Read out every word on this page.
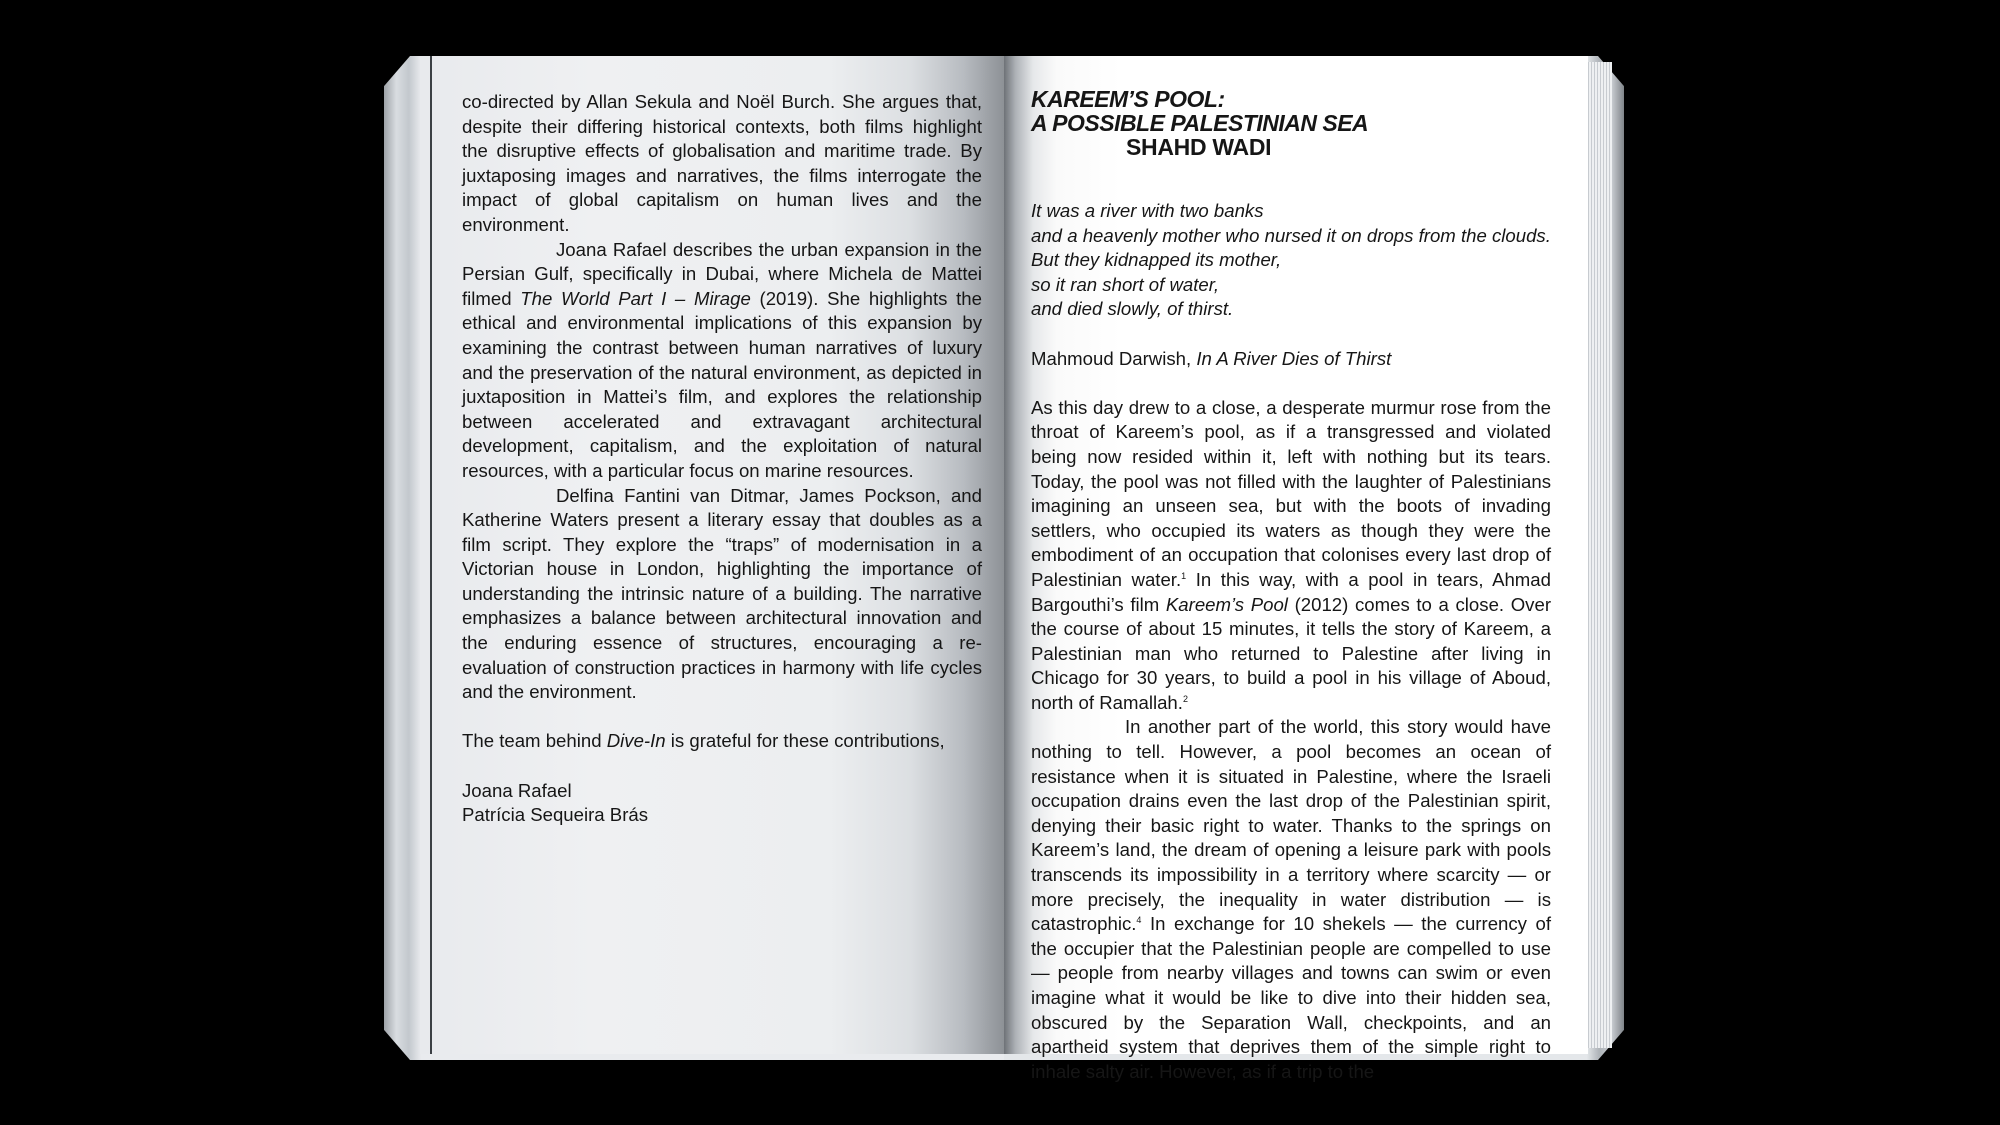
co-directed by Allan Sekula and Noël Burch. She argues that, despite their differing historical contexts, both films highlight the disruptive effects of globalisation and maritime trade. By juxtaposing images and narratives, the films interrogate the impact of global capitalism on human lives and the environment.

Joana Rafael describes the urban expansion in the Persian Gulf, specifically in Dubai, where Michela de Mattei filmed The World Part I – Mirage (2019). She highlights the ethical and environmental implications of this expansion by examining the contrast between human narratives of luxury and the preservation of the natural environment, as depicted in juxtaposition in Mattei’s film, and explores the relationship between accelerated and extravagant architectural development, capitalism, and the exploitation of natural resources, with a particular focus on marine resources.

Delfina Fantini van Ditmar, James Pockson, and Katherine Waters present a literary essay that doubles as a film script. They explore the “traps” of modernisation in a Victorian house in London, highlighting the importance of understanding the intrinsic nature of a building. The narrative emphasizes a balance between architectural innovation and the enduring essence of structures, encouraging a re-evaluation of construction practices in harmony with life cycles and the environment.

The team behind Dive-In is grateful for these contributions,

Joana Rafael

Patrícia Sequeira Brás

KAREEM’S POOL:
A POSSIBLE PALESTINIAN SEA
SHAHD WADI

It was a river with two banks

and a heavenly mother who nursed it on drops from the clouds.

But they kidnapped its mother,

so it ran short of water,

and died slowly, of thirst.

Mahmoud Darwish, In A River Dies of Thirst

As this day drew to a close, a desperate murmur rose from the throat of Kareem’s pool, as if a transgressed and violated being now resided within it, left with nothing but its tears. Today, the pool was not filled with the laughter of Palestinians imagining an unseen sea, but with the boots of invading settlers, who occupied its waters as though they were the embodiment of an occupation that colonises every last drop of Palestinian water.$^1$ In this way, with a pool in tears, Ahmad Bargouthi’s film Kareem’s Pool (2012) comes to a close. Over the course of about 15 minutes, it tells the story of Kareem, a Palestinian man who returned to Palestine after living in Chicago for 30 years, to build a pool in his village of Aboud, north of Ramallah.$^2$

In another part of the world, this story would have nothing to tell. However, a pool becomes an ocean of resistance when it is situated in Palestine, where the Israeli occupation drains even the last drop of the Palestinian spirit, denying their basic right to water. Thanks to the springs on Kareem’s land, the dream of opening a leisure park with pools transcends its impossibility in a territory where scarcity — or more precisely, the inequality in water distribution — is catastrophic.$^4$ In exchange for 10 shekels — the currency of the occupier that the Palestinian people are compelled to use — people from nearby villages and towns can swim or even imagine what it would be like to dive into their hidden sea, obscured by the Separation Wall, checkpoints, and an apartheid system that deprives them of the simple right to inhale salty air. However, as if a trip to the
